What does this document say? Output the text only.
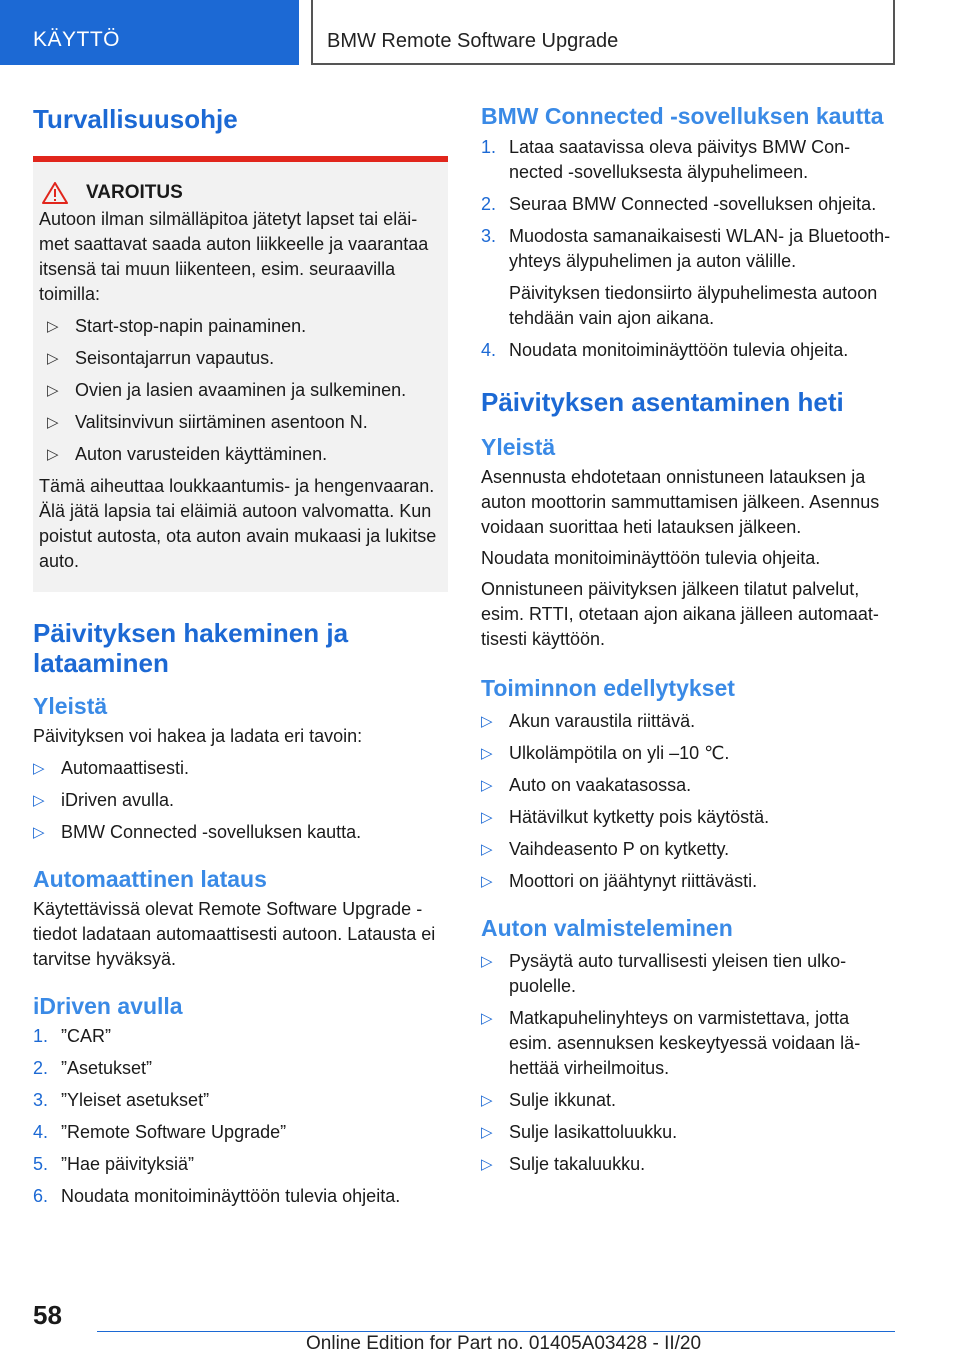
KÄYTTÖ	BMW Remote Software Upgrade
Turvallisuusohje
VAROITUS

Autoon ilman silmälläpitoa jätetyt lapset tai eläimet saattavat saada auton liikkeelle ja vaarantaa itsensä tai muun liikenteen, esim. seuraavilla toimilla:

▷ Start-stop-napin painaminen.
▷ Seisontajarrun vapautus.
▷ Ovien ja lasien avaaminen ja sulkeminen.
▷ Valitsinvivun siirtäminen asentoon N.
▷ Auton varusteiden käyttäminen.

Tämä aiheuttaa loukkaantumis- ja hengenvaaran. Älä jätä lapsia tai eläimiä autoon valvomatta. Kun poistut autosta, ota auton avain mukaasi ja lukitse auto.

Päivityksen hakeminen ja lataaminen
Yleistä

Päivityksen voi hakea ja ladata eri tavoin:

▷ Automaattisesti.
▷ iDriven avulla.
▷ BMW Connected -sovelluksen kautta.
Automaattinen lataus

Käytettävissä olevat Remote Software Upgrade -tiedot ladataan automaattisesti autoon. Latausta ei tarvitse hyväksyä.

iDriven avulla
1. ”CAR”
2. ”Asetukset”
3. ”Yleiset asetukset”
4. ”Remote Software Upgrade”
5. ”Hae päivityksiä”
6. Noudata monitoiminäyttöön tulevia ohjeita.
BMW Connected -sovelluksen kautta
1. Lataa saatavissa oleva päivitys BMW Connected -sovelluksesta älypuhelimeen.
2. Seuraa BMW Connected -sovelluksen ohjeita.
3. Muodosta samanaikaisesti WLAN- ja Bluetooth-yhteys älypuhelimen ja auton välille.

Päivityksen tiedonsiirto älypuhelimesta autoon tehdään vain ajon aikana.

4. Noudata monitoiminäyttöön tulevia ohjeita.
Päivityksen asentaminen heti
Yleistä

Asennusta ehdotetaan onnistuneen latauksen ja auton moottorin sammuttamisen jälkeen. Asennus voidaan suorittaa heti latauksen jälkeen.

Noudata monitoiminäyttöön tulevia ohjeita.

Onnistuneen päivityksen jälkeen tilatut palvelut, esim. RTTI, otetaan ajon aikana jälleen automaattisesti käyttöön.

Toiminnon edellytykset
▷ Akun varaustila riittävä.
▷ Ulkolämpötila on yli –10 ℃.
▷ Auto on vaakatasossa.
▷ Hätävilkut kytketty pois käytöstä.
▷ Vaihdeasento P on kytketty.
▷ Moottori on jäähtynyt riittävästi.
Auton valmisteleminen
▷ Pysäytä auto turvallisesti yleisen tien ulkopuolelle.
▷ Matkapuhelinyhteys on varmistettava, jotta esim. asennuksen keskeytyessä voidaan lähettää virheilmoitus.
▷ Sulje ikkunat.
▷ Sulje lasikattoluukku.
▷ Sulje takaluukku.
58
Online Edition for Part no. 01405A03428 - II/20
